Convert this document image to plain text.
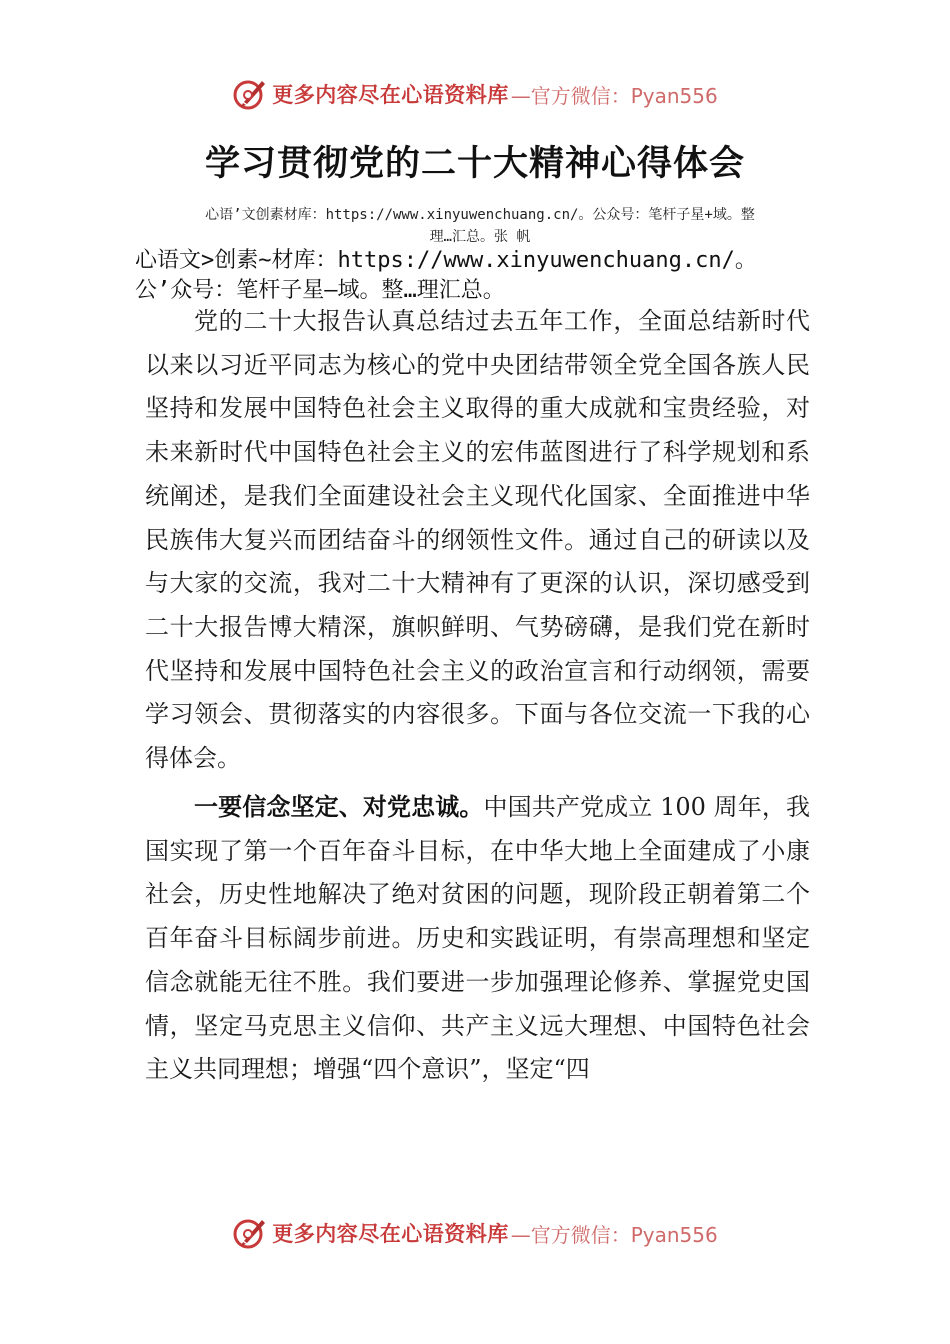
更多内容尽在心语资料库 —官方微信：Pyan556
学习贯彻党的二十大精神心得体会
心语’文创素材库：https://www.xinyuwenchuang.cn/。公众号：笔杆子星+域。整理…汇总。张 帆
心语文>创素~材库：https://www.xinyuwenchuang.cn/。
公’众号：笔杆子星—域。整…理汇总。

党的二十大报告认真总结过去五年工作，全面总结新时代以来以习近平同志为核心的党中央团结带领全党全国各族人民坚持和发展中国特色社会主义取得的重大成就和宝贵经验，对未来新时代中国特色社会主义的宏伟蓝图进行了科学规划和系统阐述，是我们全面建设社会主义现代化国家、全面推进中华民族伟大复兴而团结奋斗的纲领性文件。通过自己的研读以及与大家的交流，我对二十大精神有了更深的认识，深切感受到二十大报告博大精深，旗帜鲜明、气势磅礴，是我们党在新时代坚持和发展中国特色社会主义的政治宣言和行动纲领，需要学习领会、贯彻落实的内容很多。下面与各位交流一下我的心得体会。

一要信念坚定、对党忠诚。中国共产党成立 100 周年，我国实现了第一个百年奋斗目标，在中华大地上全面建成了小康社会，历史性地解决了绝对贫困的问题，现阶段正朝着第二个百年奋斗目标阔步前进。历史和实践证明，有崇高理想和坚定信念就能无往不胜。我们要进一步加强理论修养、掌握党史国情，坚定马克思主义信仰、共产主义远大理想、中国特色社会主义共同理想；增强“四个意识”，坚定“四

更多内容尽在心语资料库 —官方微信：Pyan556
